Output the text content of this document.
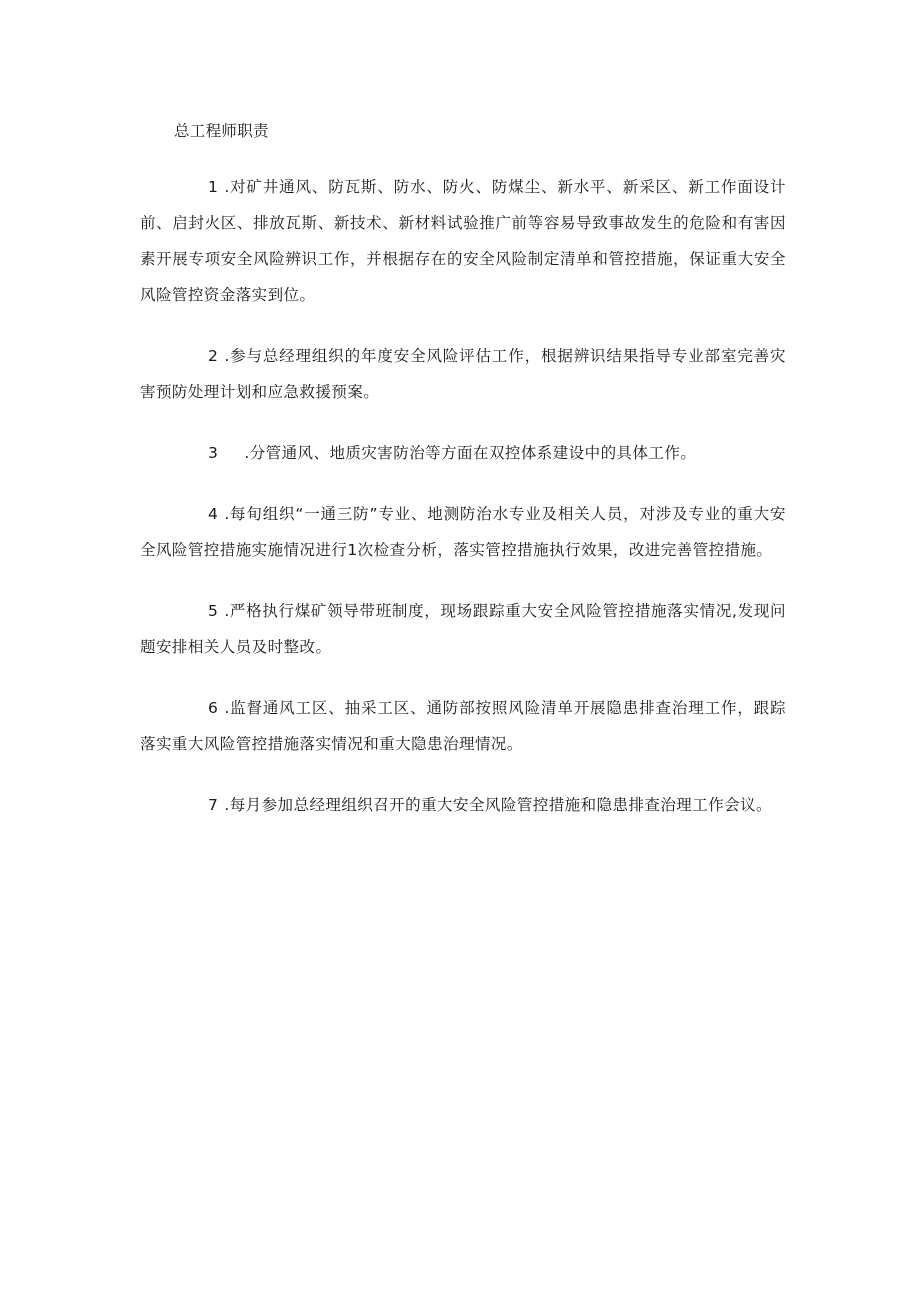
总工程师职责

1 .对矿井通风、防瓦斯、防水、防火、防煤尘、新水平、新采区、新工作面设计前、启封火区、排放瓦斯、新技术、新材料试验推广前等容易导致事故发生的危险和有害因素开展专项安全风险辨识工作，并根据存在的安全风险制定清单和管控措施，保证重大安全风险管控资金落实到位。

2 .参与总经理组织的年度安全风险评估工作，根据辨识结果指导专业部室完善灾害预防处理计划和应急救援预案。

3 .分管通风、地质灾害防治等方面在双控体系建设中的具体工作。

4 .每旬组织“一通三防”专业、地测防治水专业及相关人员，对涉及专业的重大安全风险管控措施实施情况进行1次检查分析，落实管控措施执行效果，改进完善管控措施。

5 .严格执行煤矿领导带班制度，现场跟踪重大安全风险管控措施落实情况,发现问题安排相关人员及时整改。

6 .监督通风工区、抽采工区、通防部按照风险清单开展隐患排查治理工作，跟踪落实重大风险管控措施落实情况和重大隐患治理情况。

7 .每月参加总经理组织召开的重大安全风险管控措施和隐患排查治理工作会议。
